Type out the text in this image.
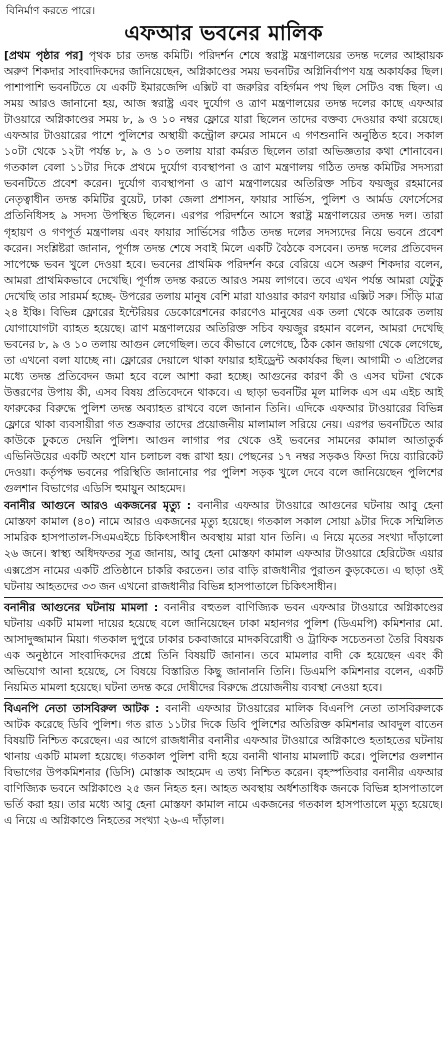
বিনির্মাণ করতে পারে।
এফআর ভবনের মালিক

[প্রথম পৃষ্ঠার পর] পৃথক চার তদন্ত কমিটি। পরিদর্শন শেষে স্বরাষ্ট্র মন্ত্রণালয়ের তদন্ত দলের আহ্বায়ক অরুণ শিকদার সাংবাদিকদের জানিয়েছেন, অগ্নিকাণ্ডের সময় ভবনটির অগ্নিনির্বাপণ যন্ত্র অকার্যকর ছিল। পাশাপাশি ভবনটিতে যে একটি ইমারজেন্সি এক্সিট বা জরুরির বহির্গমন পথ ছিল সেটিও বন্ধ ছিল। এ সময় আরও জানানো হয়, আজ স্বরাষ্ট্র এবং দুর্যোগ ও ত্রাণ মন্ত্রণালয়ের তদন্ত দলের কাছে এফআর টাওয়ারে অগ্নিকাণ্ডের সময় ৮, ৯ ও ১০ নম্বর ফ্লোরে যারা ছিলেন তাদের বক্তব্য দেওয়ার কথা রয়েছে। এফআর টাওয়ারের পাশে পুলিশের অস্থায়ী কন্ট্রোল রুমের সামনে এ গণশুনানি অনুষ্ঠিত হবে। সকাল ১০টা থেকে ১২টা পর্যন্ত ৮, ৯ ও ১০ তলায় যারা কর্মরত ছিলেন তারা অভিজ্ঞতার কথা শোনাবেন। গতকাল বেলা ১১টার দিকে প্রথমে দুর্যোগ ব্যবস্থাপনা ও ত্রাণ মন্ত্রণালয় গঠিত তদন্ত কমিটির সদস্যরা ভবনটিতে প্রবেশ করেন। দুর্যোগ ব্যবস্থাপনা ও ত্রাণ মন্ত্রণালয়ের অতিরিক্ত সচিব ফয়জুর রহমানের নেতৃত্বাধীন তদন্ত কমিটির বুয়েট, ঢাকা জেলা প্রশাসন, ফায়ার সার্ভিস, পুলিশ ও আর্মড ফোর্সেসের প্রতিনিধিসহ ৯ সদস্য উপস্থিত ছিলেন। এরপর পরিদর্শনে আসে স্বরাষ্ট্র মন্ত্রণালয়ের তদন্ত দল। তারা গৃহায়ণ ও গণপূর্ত মন্ত্রণালয় এবং ফায়ার সার্ভিসের গঠিত তদন্ত দলের সদস্যদের নিয়ে ভবনে প্রবেশ করেন। সংশ্লিষ্টরা জানান, পূর্ণাঙ্গ তদন্ত শেষে সবাই মিলে একটি বৈঠকে বসবেন। তদন্ত দলের প্রতিবেদন সাপেক্ষে ভবন খুলে দেওয়া হবে। ভবনের প্রাথমিক পরিদর্শন করে বেরিয়ে এসে অরুণ শিকদার বলেন, আমরা প্রাথমিকভাবে দেখেছি। পূর্ণাঙ্গ তদন্ত করতে আরও সময় লাগবে। তবে এখন পর্যন্ত আমরা যেটুকু দেখেছি তার সারমর্ম হচ্ছে- উপরের তলায় মানুষ বেশি মারা যাওয়ার কারণ ফায়ার এক্সিট সরু। সিঁড়ি মাত্র ২৪ ইঞ্চি। বিভিন্ন ফ্লোরের ইন্টেরিয়র ডেকোরেশনের কারণেও মানুষের এক তলা থেকে আরেক তলায় যোগাযোগটা ব্যাহত হয়েছে। ত্রাণ মন্ত্রণালয়ের অতিরিক্ত সচিব ফয়জুর রহমান বলেন, আমরা দেখেছি ভবনের ৮, ৯ ও ১০ তলায় আগুন লেগেছিল। তবে কীভাবে লেগেছে, ঠিক কোন জায়গা থেকে লেগেছে, তা এখনো বলা যাচ্ছে না। ফ্লোরের দেয়ালে থাকা ফায়ার হাইড্রেন্ট অকার্যকর ছিল। আগামী ৩ এপ্রিলের মধ্যে তদন্ত প্রতিবেদন জমা হবে বলে আশা করা হচ্ছে। আগুনের কারণ কী ও এসব ঘটনা থেকে উত্তরণের উপায় কী, এসব বিষয় প্রতিবেদনে থাকবে। এ ছাড়া ভবনটির মূল মালিক এস এম এইচ আই ফারুকের বিরুদ্ধে পুলিশ তদন্ত অব্যাহত রাখবে বলে জানান তিনি। এদিকে এফআর টাওয়ারের বিভিন্ন ফ্লোরে থাকা ব্যবসায়ীরা গত শুক্রবার তাদের প্রয়োজনীয় মালামাল সরিয়ে নেয়। এরপর ভবনটিতে আর কাউকে ঢুকতে দেয়নি পুলিশ। আগুন লাগার পর থেকে ওই ভবনের সামনের কামাল আতাতুর্ক এভিনিউয়ের একটি অংশে যান চলাচল বন্ধ রাখা হয়। পেছনের ১৭ নম্বর সড়কও ফিতা দিয়ে ব্যারিকেট দেওয়া। কর্তৃপক্ষ ভবনের পরিস্থিতি জানানোর পর পুলিশ সড়ক খুলে দেবে বলে জানিয়েছেন পুলিশের গুলশান বিভাগের এডিসি হুমায়ুন আহমেদ।

বনানীর আগুনে আরও একজনের মৃত্যু : বনানীর এফআর টাওয়ারে আগুনের ঘটনায় আবু হেনা মোস্তফা কামাল (৪০) নামে আরও একজনের মৃত্যু হয়েছে। গতকাল সকাল সোয়া ৯টার দিকে সম্মিলিত সামরিক হাসপাতাল-সিএমএইচে চিকিৎসাধীন অবস্থায় মারা যান তিনি। এ নিয়ে মৃতের সংখ্যা দাঁড়ালো ২৬ জনে। স্বাস্থ্য অধিদফতর সূত্র জানায়, আবু হেনা মোস্তফা কামাল এফআর টাওয়ারে হেরিটেজ এয়ার এক্সপ্রেস নামের একটি প্রতিষ্ঠানে চাকরি করতেন। তার বাড়ি রাজধানীর পুরাতন কুড়কেতে। এ ছাড়া ওই ঘটনায় আহতদের ৩৩ জন এখনো রাজধানীর বিভিন্ন হাসপাতালে চিকিৎসাধীন।

বনানীর আগুনের ঘটনায় মামলা : বনানীর বহুতল বাণিজ্যিক ভবন এফআর টাওয়ারে অগ্নিকাণ্ডের ঘটনায় একটি মামলা দায়ের হয়েছে বলে জানিয়েছেন ঢাকা মহানগর পুলিশ (ডিএমপি) কমিশনার মো. আসাদুজ্জামান মিয়া। গতকাল দুপুরে ঢাকার চকবাজারে মাদকবিরোধী ও ট্রাফিক সচেতনতা তৈরি বিষয়ক এক অনুষ্ঠানে সাংবাদিকদের প্রশ্নে তিনি বিষয়টি জানান। তবে মামলার বাদী কে হয়েছেন এবং কী অভিযোগ আনা হয়েছে, সে বিষয়ে বিস্তারিত কিছু জানাননি তিনি। ডিএমপি কমিশনার বলেন, একটি নিয়মিত মামলা হয়েছে। ঘটনা তদন্ত করে দোষীদের বিরুদ্ধে প্রয়োজনীয় ব্যবস্থা নেওয়া হবে।

বিএনপি নেতা তাসবিরুল আটক : বনানী এফআর টাওয়ারের মালিক বিএনপি নেতা তাসবিরুলকে আটক করেছে ডিবি পুলিশ। গত রাত ১১টার দিকে ডিবি পুলিশের অতিরিক্ত কমিশনার আবদুল বাতেন বিষয়টি নিশ্চিত করেছেন। এর আগে রাজধানীর বনানীর এফআর টাওয়ারে অগ্নিকাণ্ডে হতাহতের ঘটনায় থানায় একটি মামলা হয়েছে। গতকাল পুলিশ বাদী হয়ে বনানী থানায় মামলাটি করে। পুলিশের গুলশান বিভাগের উপকমিশনার (ডিসি) মোস্তাক আহমেদ এ তথ্য নিশ্চিত করেন। বৃহস্পতিবার বনানীর এফআর বাণিজ্যিক ভবনে অগ্নিকাণ্ডে ২৫ জন নিহত হন। আহত অবস্থায় অর্ধশতাধিক জনকে বিভিন্ন হাসপাতালে ভর্তি করা হয়। তার মধ্যে আবু হেনা মোস্তফা কামাল নামে একজনের গতকাল হাসপাতালে মৃত্যু হয়েছে। এ নিয়ে এ অগ্নিকাণ্ডে নিহতের সংখ্যা ২৬-এ দাঁড়াল।
